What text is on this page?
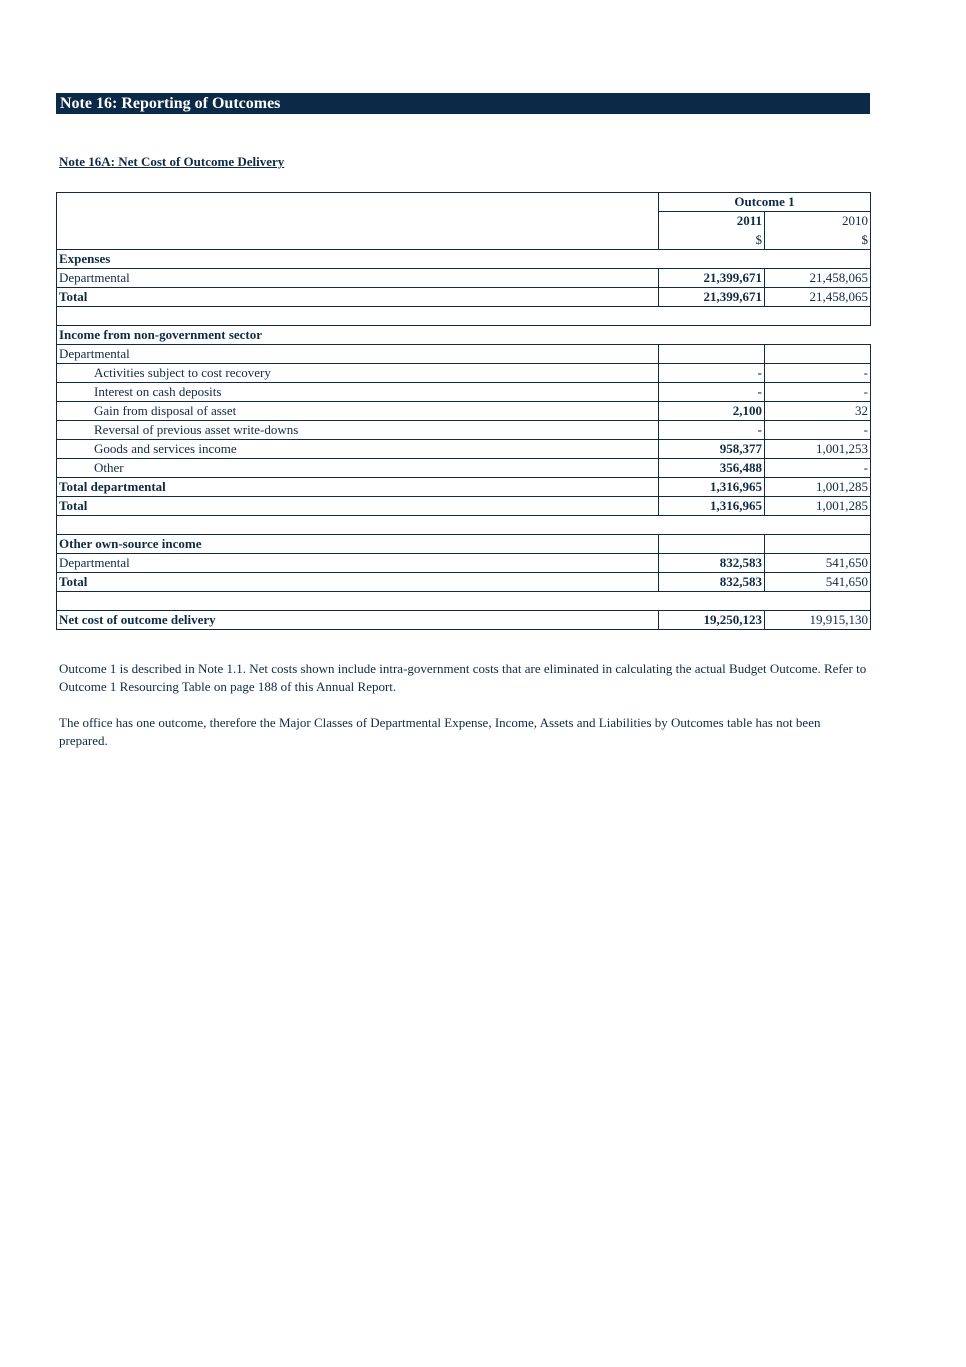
Note 16: Reporting of Outcomes
Note 16A: Net Cost of Outcome Delivery
	Outcome 1	
	2011	2010
	$	$
Expenses		
Departmental	21,399,671	21,458,065
Total	21,399,671	21,458,065

Income from non-government sector		
Departmental		
Activities subject to cost recovery	-	-
Interest on cash deposits	-	-
Gain from disposal of asset	2,100	32
Reversal of previous asset write-downs	-	-
Goods and services income	958,377	1,001,253
Other	356,488	-
Total departmental	1,316,965	1,001,285
Total	1,316,965	1,001,285

Other own-source income		
Departmental	832,583	541,650
Total	832,583	541,650

Net cost of outcome delivery	19,250,123	19,915,130
Outcome 1 is described in Note 1.1. Net costs shown include intra-government costs that are eliminated in calculating the actual Budget Outcome. Refer to Outcome 1 Resourcing Table on page 188 of this Annual Report.
The office has one outcome, therefore the Major Classes of Departmental Expense, Income, Assets and Liabilities by Outcomes table has not been prepared.
